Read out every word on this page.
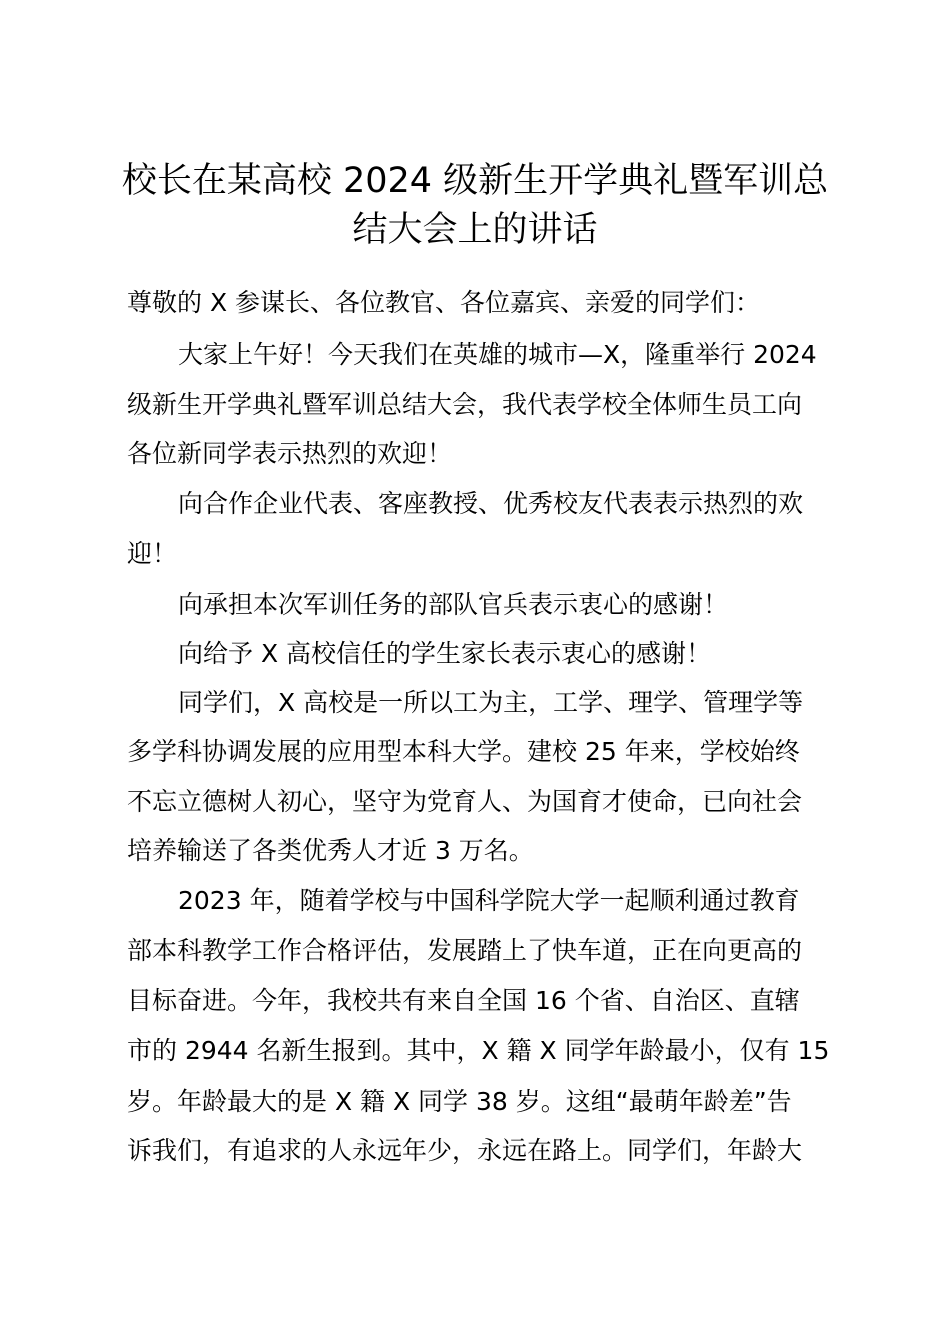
校长在某高校 2024 级新生开学典礼暨军训总
结大会上的讲话
尊敬的 X 参谋长、各位教官、各位嘉宾、亲爱的同学们：
大家上午好！今天我们在英雄的城市—X，隆重举行 2024
级新生开学典礼暨军训总结大会，我代表学校全体师生员工向
各位新同学表示热烈的欢迎！
向合作企业代表、客座教授、优秀校友代表表示热烈的欢
迎！
向承担本次军训任务的部队官兵表示衷心的感谢！
向给予 X 高校信任的学生家长表示衷心的感谢！
同学们，X 高校是一所以工为主，工学、理学、管理学等
多学科协调发展的应用型本科大学。建校 25 年来，学校始终
不忘立德树人初心，坚守为党育人、为国育才使命，已向社会
培养输送了各类优秀人才近 3 万名。
2023 年，随着学校与中国科学院大学一起顺利通过教育
部本科教学工作合格评估，发展踏上了快车道，正在向更高的
目标奋进。今年，我校共有来自全国 16 个省、自治区、直辖
市的 2944 名新生报到。其中，X 籍 X 同学年龄最小，仅有 15
岁。年龄最大的是 X 籍 X 同学 38 岁。这组“最萌年龄差”告
诉我们，有追求的人永远年少，永远在路上。同学们，年龄大
